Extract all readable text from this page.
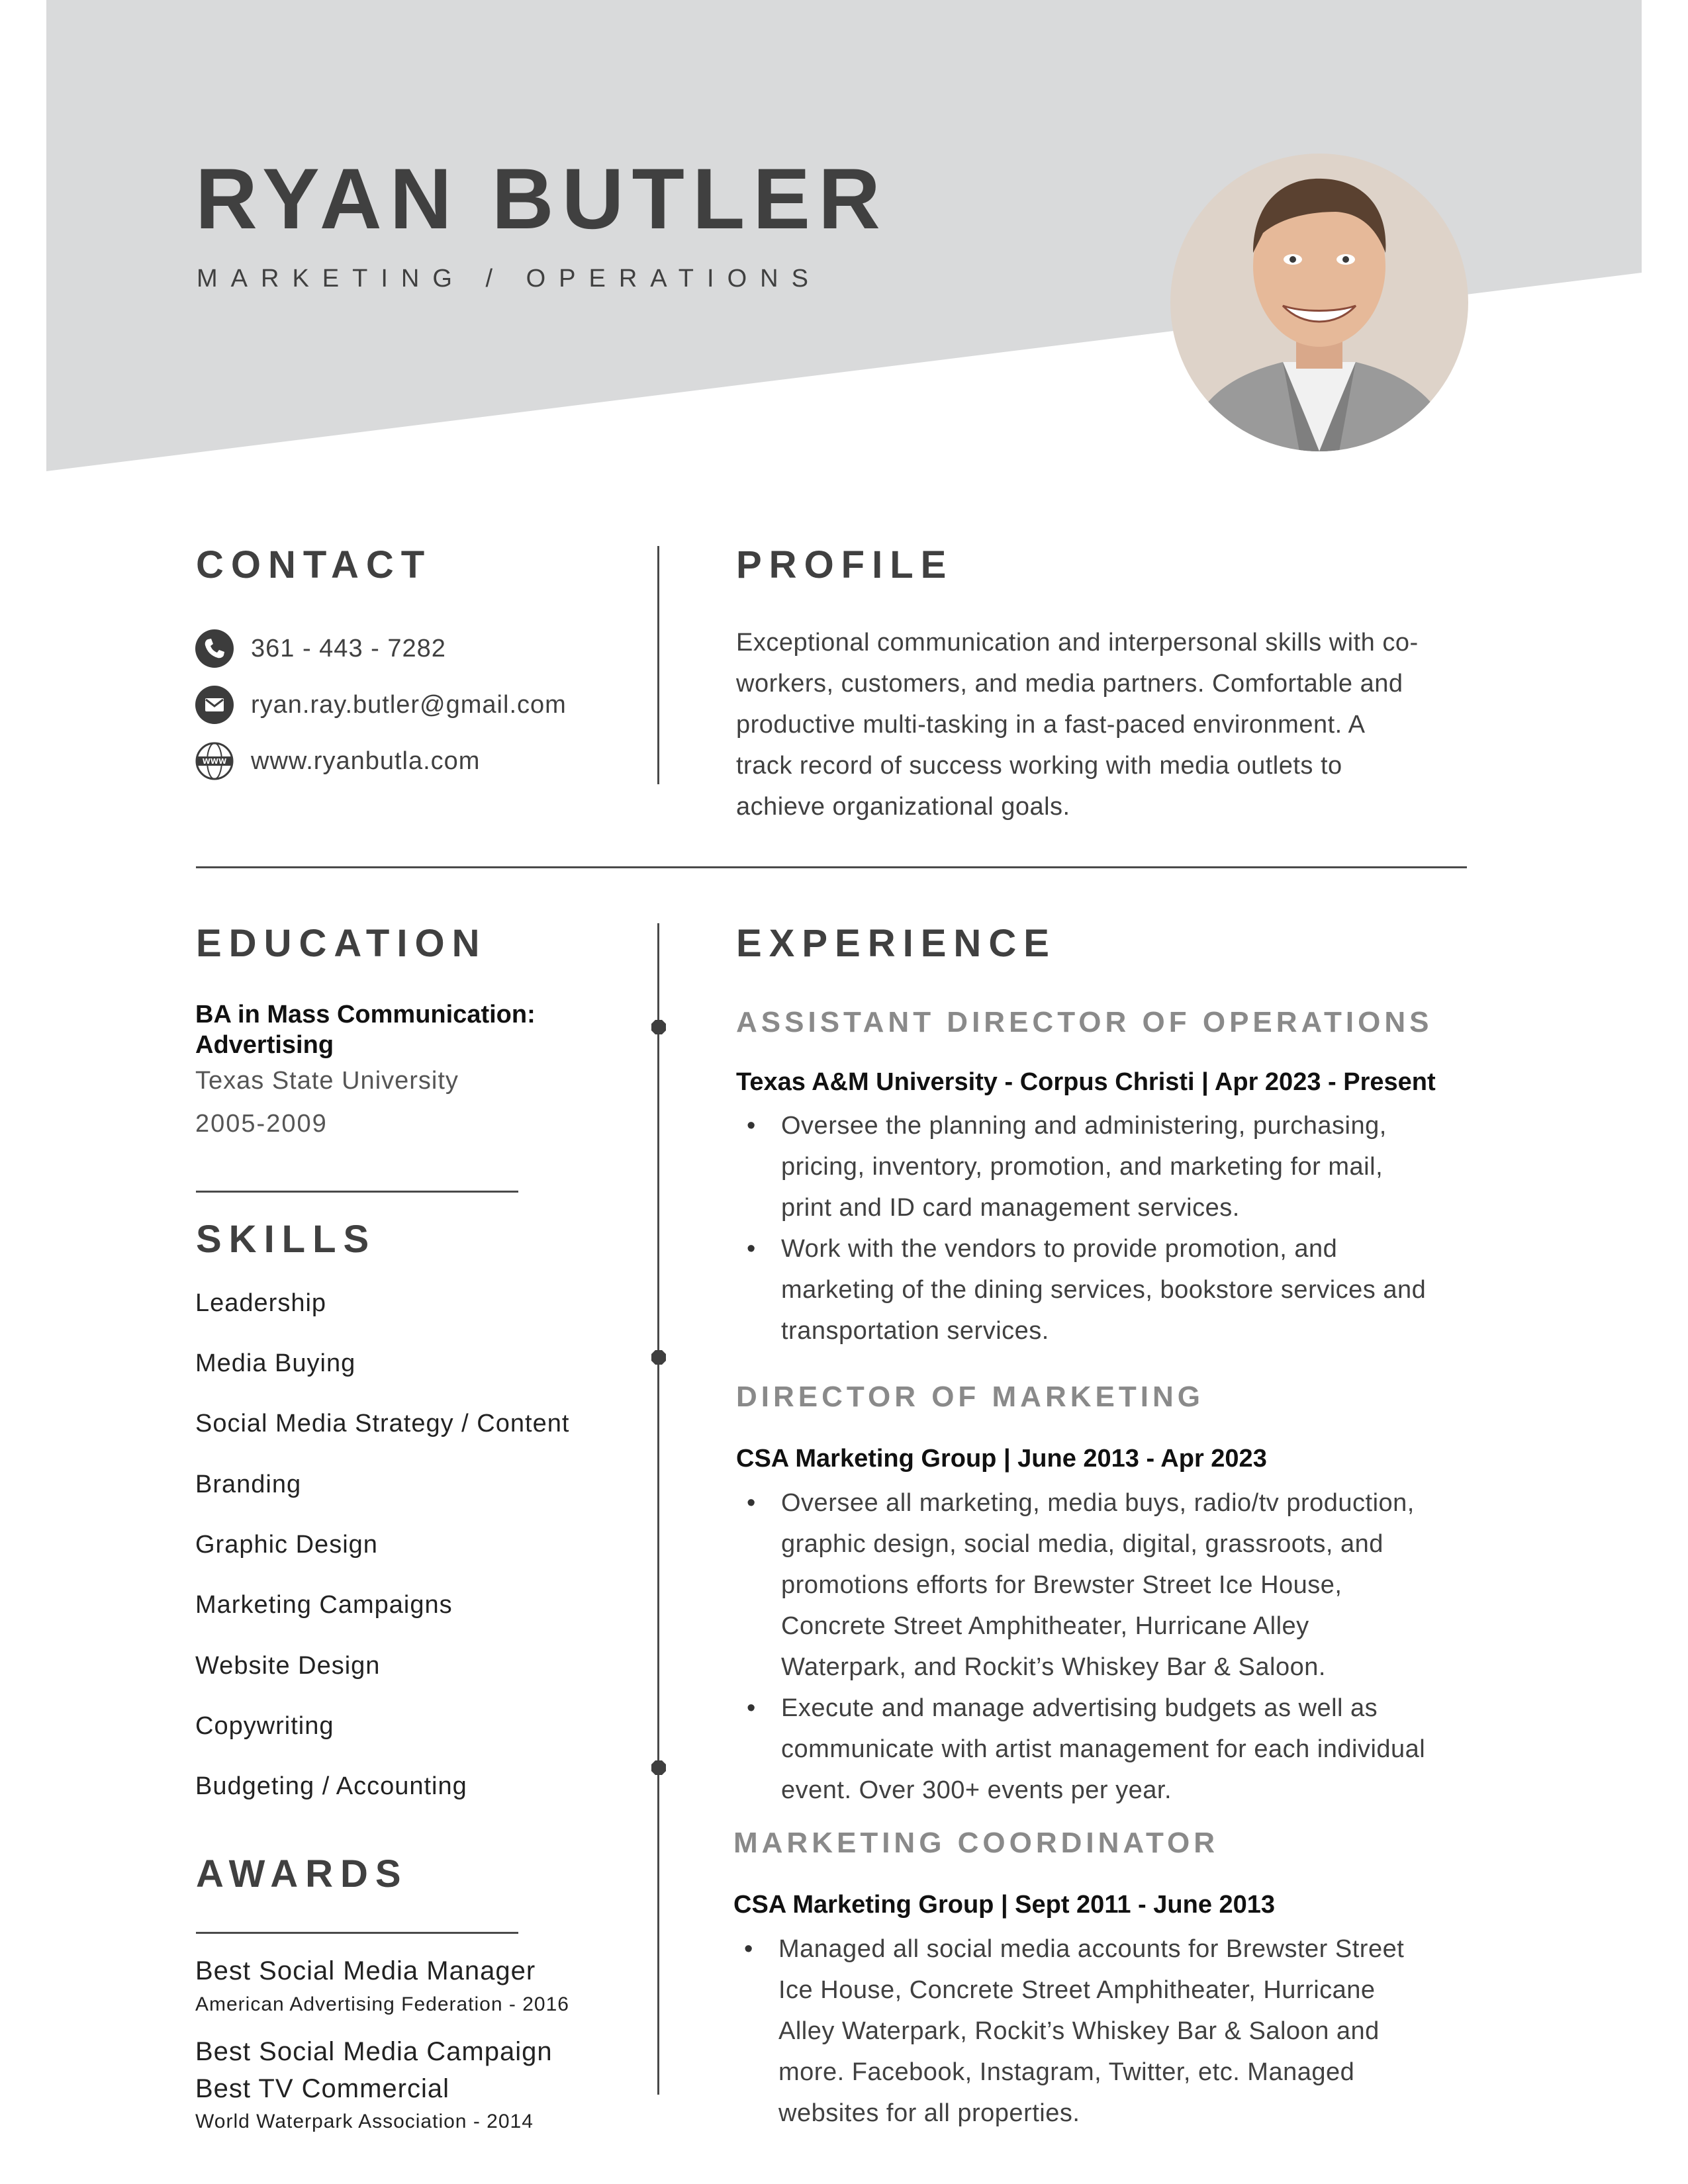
RYAN BUTLER
MARKETING / OPERATIONS
CONTACT
361 - 443 - 7282
ryan.ray.butler@gmail.com
WWW www.ryanbutla.com
PROFILE
Exceptional communication and interpersonal skills with co-
workers, customers, and media partners. Comfortable and
productive multi-tasking in a fast-paced environment. A
track record of success working with media outlets to
achieve organizational goals.
EDUCATION
BA in Mass Communication: Advertising
Texas State University
2005-2009
SKILLS
Leadership
Media Buying
Social Media Strategy / Content
Branding
Graphic Design
Marketing Campaigns
Website Design
Copywriting
Budgeting / Accounting
AWARDS
Best Social Media Manager
American Advertising Federation - 2016
Best Social Media Campaign
Best TV Commercial
World Waterpark Association - 2014
EXPERIENCE
ASSISTANT DIRECTOR OF OPERATIONS
Texas A&M University - Corpus Christi | Apr 2023 - Present
• Oversee the planning and administering, purchasing,
pricing, inventory, promotion, and marketing for mail,
print and ID card management services.
• Work with the vendors to provide promotion, and
marketing of the dining services, bookstore services and
transportation services.
DIRECTOR OF MARKETING
CSA Marketing Group | June 2013 - Apr 2023
• Oversee all marketing, media buys, radio/tv production,
graphic design, social media, digital, grassroots, and
promotions efforts for Brewster Street Ice House,
Concrete Street Amphitheater, Hurricane Alley
Waterpark, and Rockit’s Whiskey Bar & Saloon.
• Execute and manage advertising budgets as well as
communicate with artist management for each individual
event. Over 300+ events per year.
MARKETING COORDINATOR
CSA Marketing Group | Sept 2011 - June 2013
• Managed all social media accounts for Brewster Street
Ice House, Concrete Street Amphitheater, Hurricane
Alley Waterpark, Rockit’s Whiskey Bar & Saloon and
more. Facebook, Instagram, Twitter, etc. Managed
websites for all properties.
